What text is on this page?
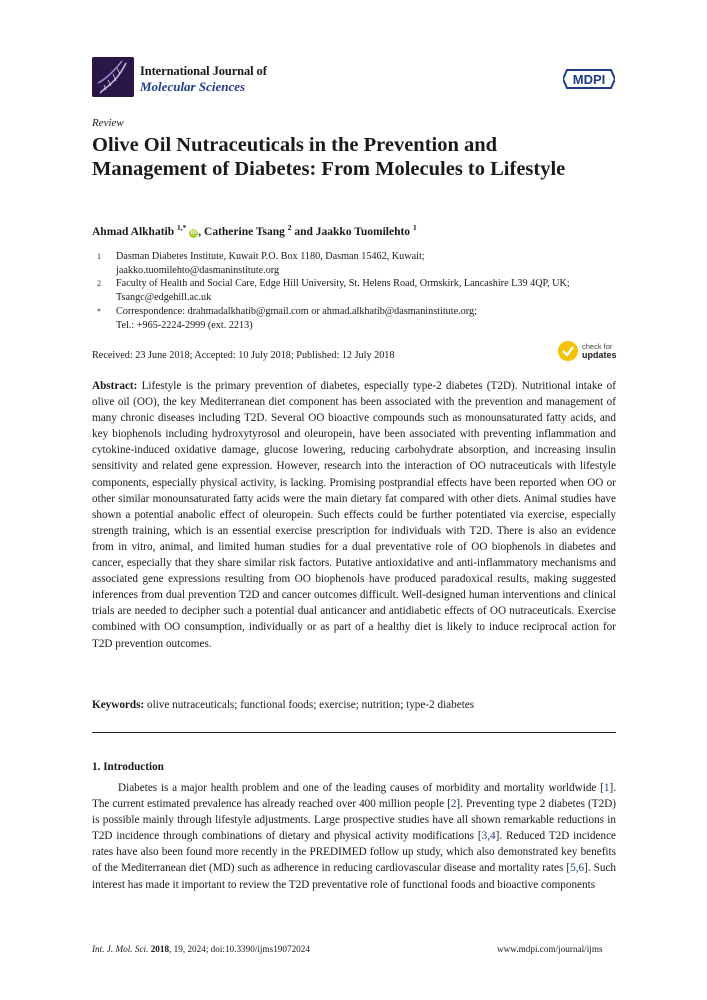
International Journal of
Molecular Sciences	MDPI
Review
Olive Oil Nutraceuticals in the Prevention and Management of Diabetes: From Molecules to Lifestyle
Ahmad Alkhatib $^{1,*}$ iD , Catherine Tsang $^2$ and Jaakko Tuomilehto $^1$
1 Dasman Diabetes Institute, Kuwait P.O. Box 1180, Dasman 15462, Kuwait;
jaakko.tuomilehto@dasmaninstitute.org
2 Faculty of Health and Social Care, Edge Hill University, St. Helens Road, Ormskirk, Lancashire L39 4QP, UK;
Tsangc@edgehill.ac.uk
* Correspondence: drahmadalkhatib@gmail.com or ahmad.alkhatib@dasmaninstitute.org;
Tel.: +965-2224-2999 (ext. 2213)
Received: 23 June 2018; Accepted: 10 July 2018; Published: 12 July 2018
check for
updates
Abstract: Lifestyle is the primary prevention of diabetes, especially type-2 diabetes (T2D). Nutritional intake of olive oil (OO), the key Mediterranean diet component has been associated with the prevention and management of many chronic diseases including T2D. Several OO bioactive compounds such as monounsaturated fatty acids, and key biophenols including hydroxytyrosol and oleuropein, have been associated with preventing inflammation and cytokine-induced oxidative damage, glucose lowering, reducing carbohydrate absorption, and increasing insulin sensitivity and related gene expression. However, research into the interaction of OO nutraceuticals with lifestyle components, especially physical activity, is lacking. Promising postprandial effects have been reported when OO or other similar monounsaturated fatty acids were the main dietary fat compared with other diets. Animal studies have shown a potential anabolic effect of oleuropein. Such effects could be further potentiated via exercise, especially strength training, which is an essential exercise prescription for individuals with T2D. There is also an evidence from in vitro, animal, and limited human studies for a dual preventative role of OO biophenols in diabetes and cancer, especially that they share similar risk factors. Putative antioxidative and anti-inflammatory mechanisms and associated gene expressions resulting from OO biophenols have produced paradoxical results, making suggested inferences from dual prevention T2D and cancer outcomes difficult. Well-designed human interventions and clinical trials are needed to decipher such a potential dual anticancer and antidiabetic effects of OO nutraceuticals. Exercise combined with OO consumption, individually or as part of a healthy diet is likely to induce reciprocal action for T2D prevention outcomes.
Keywords: olive nutraceuticals; functional foods; exercise; nutrition; type-2 diabetes
1. Introduction
Diabetes is a major health problem and one of the leading causes of morbidity and mortality worldwide [1]. The current estimated prevalence has already reached over 400 million people [2]. Preventing type 2 diabetes (T2D) is possible mainly through lifestyle adjustments. Large prospective studies have all shown remarkable reductions in T2D incidence through combinations of dietary and physical activity modifications [3,4]. Reduced T2D incidence rates have also been found more recently in the PREDIMED follow up study, which also demonstrated key benefits of the Mediterranean diet (MD) such as adherence in reducing cardiovascular disease and mortality rates [5,6]. Such interest has made it important to review the T2D preventative role of functional foods and bioactive components
Int. J. Mol. Sci. 2018, 19, 2024; doi:10.3390/ijms19072024	www.mdpi.com/journal/ijms
